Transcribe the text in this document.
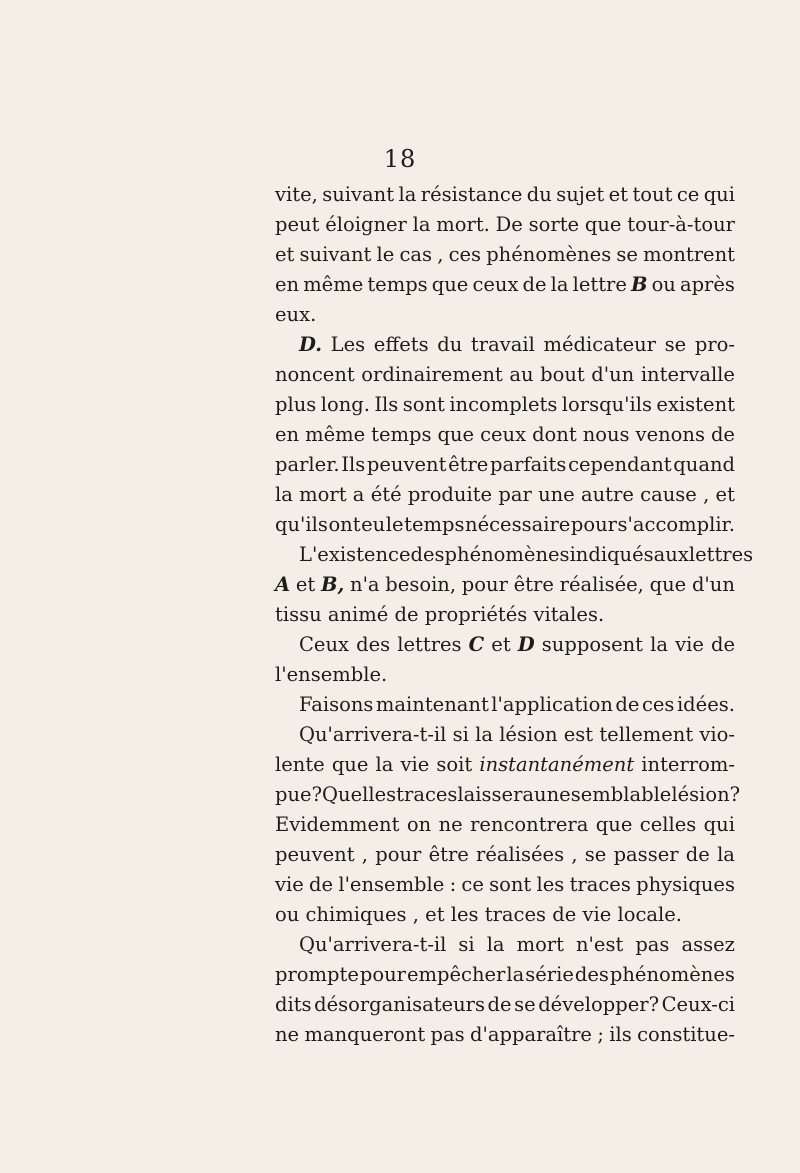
18
vite, suivant la résistance du sujet et tout ce qui
peut éloigner la mort. De sorte que tour-à-tour
et suivant le cas , ces phénomènes se montrent
en même temps que ceux de la lettre B ou après
eux.
D. Les effets du travail médicateur se pro-
noncent ordinairement au bout d'un intervalle
plus long. Ils sont incomplets lorsqu'ils existent
en même temps que ceux dont nous venons de
parler. Ils peuvent être parfaits cependant quand
la mort a été produite par une autre cause , et
qu'ils ont eu le temps nécessaire pour s'accomplir.
L'existence des phénomènes indiqués aux lettres
A et B, n'a besoin, pour être réalisée, que d'un
tissu
animé
de
propriétés
vitales.
Ceux des lettres C et D supposent la vie de
l'ensemble.
Faisons maintenant l'application de ces idées.
Qu'arrivera-t-il si la lésion est tellement vio-
lente que la vie soit instantanément interrom-
pue? Quelles traces laissera une semblable lésion?
Evidemment on ne rencontrera que celles qui
peuvent , pour être réalisées , se passer de la
vie de l'ensemble : ce sont les traces physiques
ou
chimiques
,
et
les
traces
de
vie
locale.
Qu'arrivera-t-il si la mort n'est pas assez
prompte pour empêcher la série des phénomènes
dits désorganisateurs de se développer? Ceux-ci
ne manqueront pas d'apparaître ; ils constitue-
